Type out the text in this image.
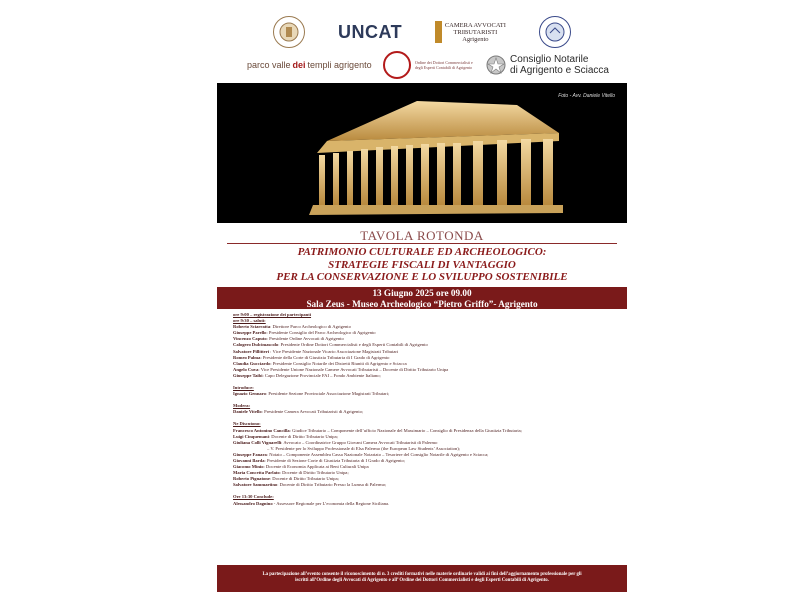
UNCAT	CAMERA AVVOCATI
TRIBUTARISTI
Agrigento
parco valle dei templi agrigento	Ordine dei Dottori Commercialisti e degli Esperti Contabili di Agrigento
Consiglio Notarile
di Agrigento e Sciacca
Foto - Avv. Daniele Vitello
TAVOLA ROTONDA
PATRIMONIO CULTURALE ED ARCHEOLOGICO:
STRATEGIE FISCALI DI VANTAGGIO
PER LA CONSERVAZIONE E LO SVILUPPO SOSTENIBILE
13 Giugno 2025 ore 09.00
Sala Zeus - Museo Archeologico “Pietro Griffo”- Agrigento
ore 9:00 – registrazione dei partecipanti
ore 9:30 – saluti:
Roberto Sciarratta: Direttore Parco Archeologico di Agrigento
Giuseppe Parello: Presidente Consiglio del Parco Archeologico di Agrigento
Vincenzo Caputo: Presidente Ordine Avvocati di Agrigento
Calogero Dulcimascolo: Presidente Ordine Dottori Commercialisti e degli Esperti Contabili di Agrigento
Salvatore Pillitteri : Vice Presidente Nazionale Vicario Associazione Magistrati Tributari
Romeo Palma: Presidente della Corte di Giustizia Tributaria di I Grado di Agrigento
Claudia Gucciardo: Presidente Consiglio Notarile dei Distretti Riuniti di Agrigento e Sciacca
Angelo Cuva: Vice Presidente Unione Nazionale Camere Avvocati Tributaristi – Docente di Diritto Tributario Unipa
Giuseppe Taibi: Capo Delegazione Provinciale FAI – Fondo Ambiente Italiano;
Introduce:
Ignazio Gennaro: Presidente Sezione Provinciale Associazione Magistrati Tributari;
Modera:
Daniele Vitello: Presidente Camera Avvocati Tributaristi di Agrigento;
Ne Discutono:
Francesco Antonino Cancilla: Giudice Tributario – Componente dell’ufficio Nazionale del Massimario – Consiglio di Presidenza della Giustizia Tributaria;
Luigi Cinquemani: Docente di Diritto Tributario Unipa;
Giuliana Colli Vignarelli: Avvocato – Coordinatrice Gruppo Giovani Camera Avvocati Tributaristi di Palermo
– V. Presidente per lo Sviluppo Professionale di Elsa Palermo (the European Law Students’ Association);
Giuseppe Fanara: Notaio – Componente Assemblea Cassa Nazionale Notariato – Tesoriere del Consiglio Notarile di Agrigento e Sciacca;
Giovanni Ilarda: Presidente di Sezione Corte di Giustizia Tributaria di I Grado di Agrigento;
Giacomo Minio: Docente di Economia Applicata ai Beni Culturali Unipa
Maria Concetta Parlato: Docente di Diritto Tributario Unipa;
Roberto Pignatone: Docente di Diritto Tributario Unipa;
Salvatore Sammartino: Docente di Diritto Tributario Presso la Lumsa di Palermo;
Ore 13:30 Conclude:
Alessandro Dagnino - Assessore Regionale per L’economia della Regione Siciliana.
La partecipazione all’evento consente il riconoscimento di n. 3 crediti formativi nelle materie ordinarie validi ai fini dell’aggiornamento professionale per gli iscritti all’Ordine degli Avvocati di Agrigento e all’ Ordine dei Dottori Commercialisti e degli Esperti Contabili di Agrigento.
